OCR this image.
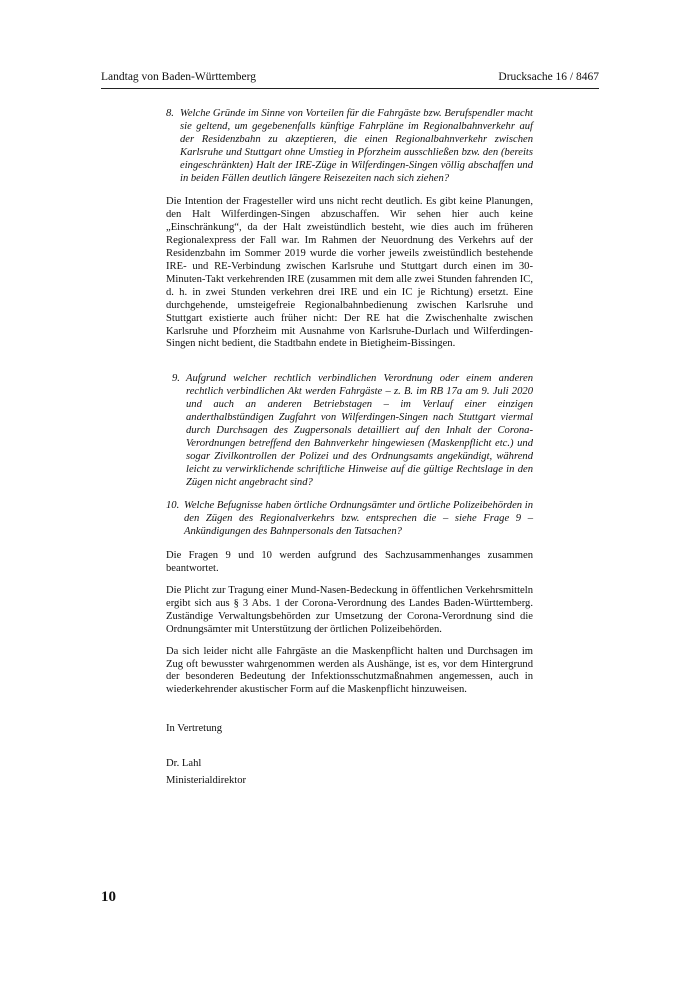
Landtag von Baden-Württemberg	Drucksache 16 / 8467
8. Welche Gründe im Sinne von Vorteilen für die Fahrgäste bzw. Berufspendler macht sie geltend, um gegebenenfalls künftige Fahrpläne im Regionalbahnverkehr auf der Residenzbahn zu akzeptieren, die einen Regionalbahnverkehr zwischen Karlsruhe und Stuttgart ohne Umstieg in Pforzheim ausschließen bzw. den (bereits eingeschränkten) Halt der IRE-Züge in Wilferdingen-Singen völlig abschaffen und in beiden Fällen deutlich längere Reisezeiten nach sich ziehen?

Die Intention der Fragesteller wird uns nicht recht deutlich. Es gibt keine Planungen, den Halt Wilferdingen-Singen abzuschaffen. Wir sehen hier auch keine „Einschränkung“, da der Halt zweistündlich besteht, wie dies auch im früheren Regionalexpress der Fall war. Im Rahmen der Neuordnung des Verkehrs auf der Residenzbahn im Sommer 2019 wurde die vorher jeweils zweistündlich bestehende IRE- und RE-Verbindung zwischen Karlsruhe und Stuttgart durch einen im 30-Minuten-Takt verkehrenden IRE (zusammen mit dem alle zwei Stunden fahrenden IC, d. h. in zwei Stunden verkehren drei IRE und ein IC je Richtung) ersetzt. Eine durchgehende, umsteigefreie Regionalbahnbedienung zwischen Karlsruhe und Stuttgart existierte auch früher nicht: Der RE hat die Zwischenhalte zwischen Karlsruhe und Pforzheim mit Ausnahme von Karlsruhe-Durlach und Wilferdingen-Singen nicht bedient, die Stadtbahn endete in Bietigheim-Bissingen.

9. Aufgrund welcher rechtlich verbindlichen Verordnung oder einem anderen rechtlich verbindlichen Akt werden Fahrgäste – z. B. im RB 17a am 9. Juli 2020 und auch an anderen Betriebstagen – im Verlauf einer einzigen anderthalbstündigen Zugfahrt von Wilferdingen-Singen nach Stuttgart viermal durch Durchsagen des Zugpersonals detailliert auf den Inhalt der Corona-Verordnungen betreffend den Bahnverkehr hingewiesen (Maskenpflicht etc.) und sogar Zivilkontrollen der Polizei und des Ordnungsamts angekündigt, während leicht zu verwirklichende schriftliche Hinweise auf die gültige Rechtslage in den Zügen nicht angebracht sind?
10. Welche Befugnisse haben örtliche Ordnungsämter und örtliche Polizeibehörden in den Zügen des Regionalverkehrs bzw. entsprechen die – siehe Frage 9 – Ankündigungen des Bahnpersonals den Tatsachen?

Die Fragen 9 und 10 werden aufgrund des Sachzusammenhanges zusammen beantwortet.

Die Plicht zur Tragung einer Mund-Nasen-Bedeckung in öffentlichen Verkehrsmitteln ergibt sich aus § 3 Abs. 1 der Corona-Verordnung des Landes Baden-Württemberg. Zuständige Verwaltungsbehörden zur Umsetzung der Corona-Verordnung sind die Ordnungsämter mit Unterstützung der örtlichen Polizeibehörden.

Da sich leider nicht alle Fahrgäste an die Maskenpflicht halten und Durchsagen im Zug oft bewusster wahrgenommen werden als Aushänge, ist es, vor dem Hintergrund der besonderen Bedeutung der Infektionsschutzmaßnahmen angemessen, auch in wiederkehrender akustischer Form auf die Maskenpflicht hinzuweisen.

In Vertretung

Dr. Lahl

Ministerialdirektor

10
